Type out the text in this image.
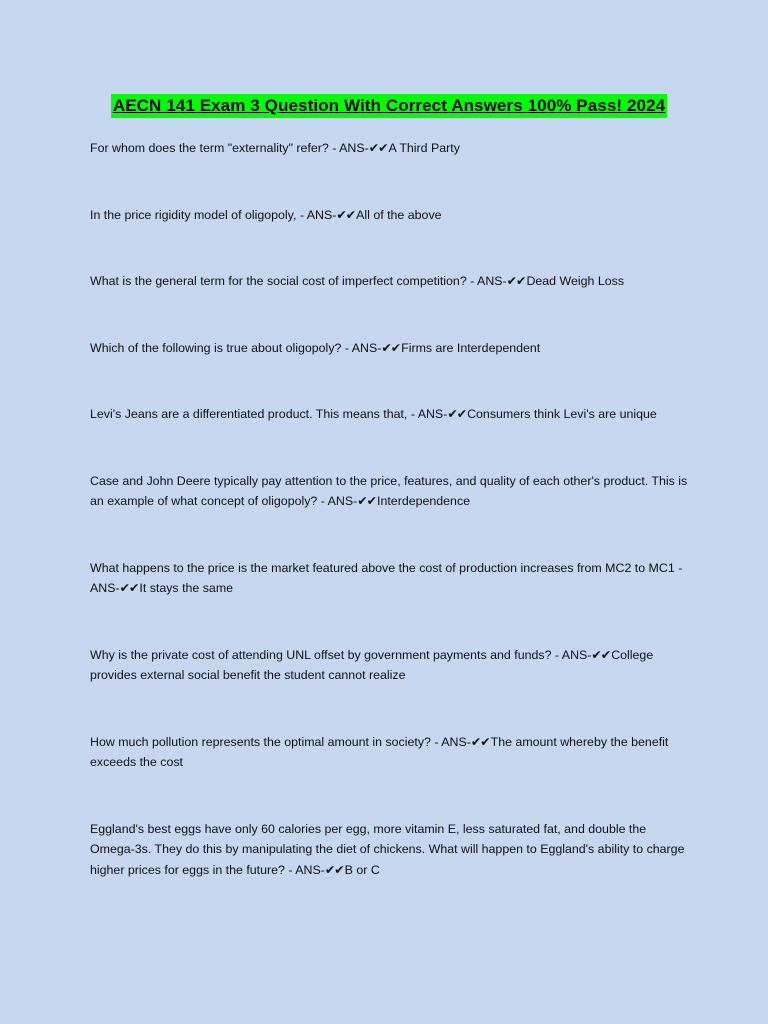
AECN 141 Exam 3 Question With Correct Answers 100% Pass! 2024
For whom does the term "externality" refer? - ANS-✔✔A Third Party
In the price rigidity model of oligopoly, - ANS-✔✔All of the above
What is the general term for the social cost of imperfect competition? - ANS-✔✔Dead Weigh Loss
Which of the following is true about oligopoly? - ANS-✔✔Firms are Interdependent
Levi's Jeans are a differentiated product. This means that, - ANS-✔✔Consumers think Levi's are unique
Case and John Deere typically pay attention to the price, features, and quality of each other's product. This is an example of what concept of oligopoly? - ANS-✔✔Interdependence
What happens to the price is the market featured above the cost of production increases from MC2 to MC1 - ANS-✔✔It stays the same
Why is the private cost of attending UNL offset by government payments and funds? - ANS-✔✔College provides external social benefit the student cannot realize
How much pollution represents the optimal amount in society? - ANS-✔✔The amount whereby the benefit exceeds the cost
Eggland's best eggs have only 60 calories per egg, more vitamin E, less saturated fat, and double the Omega-3s. They do this by manipulating the diet of chickens. What will happen to Eggland's ability to charge higher prices for eggs in the future? - ANS-✔✔B or C
